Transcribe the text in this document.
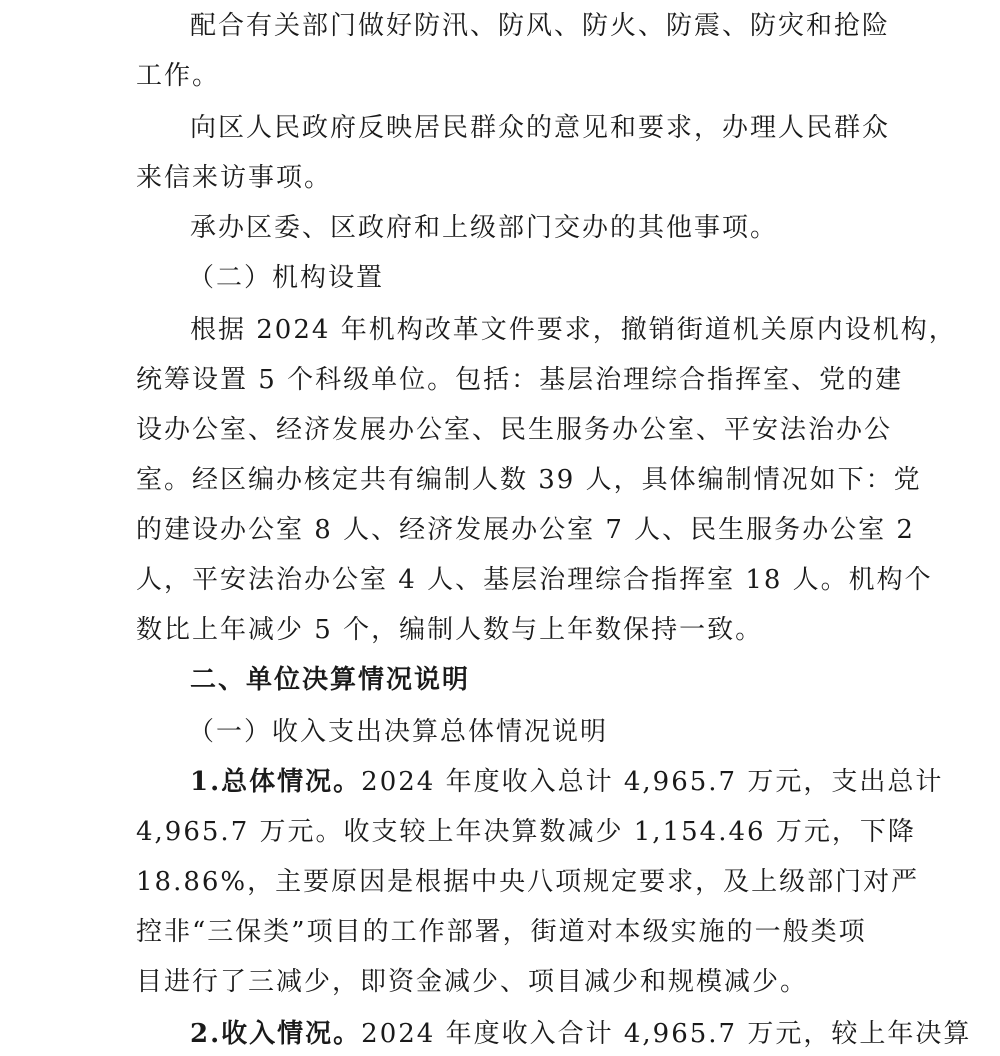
配合有关部门做好防汛、防风、防火、防震、防灾和抢险
工作。
向区人民政府反映居民群众的意见和要求，办理人民群众
来信来访事项。
承办区委、区政府和上级部门交办的其他事项。
（二）机构设置
根据 2024 年机构改革文件要求，撤销街道机关原内设机构，
统筹设置 5 个科级单位。包括：基层治理综合指挥室、党的建
设办公室、经济发展办公室、民生服务办公室、平安法治办公
室。经区编办核定共有编制人数 39 人，具体编制情况如下：党
的建设办公室 8 人、经济发展办公室 7 人、民生服务办公室 2
人，平安法治办公室 4 人、基层治理综合指挥室 18 人。机构个
数比上年减少 5 个，编制人数与上年数保持一致。
二、单位决算情况说明
（一）收入支出决算总体情况说明
1.总体情况。2024 年度收入总计 4,965.7 万元，支出总计
4,965.7 万元。收支较上年决算数减少 1,154.46 万元，下降
18.86%，主要原因是根据中央八项规定要求，及上级部门对严
控非“三保类”项目的工作部署，街道对本级实施的一般类项
目进行了三减少，即资金减少、项目减少和规模减少。
2.收入情况。2024 年度收入合计 4,965.7 万元，较上年决算
